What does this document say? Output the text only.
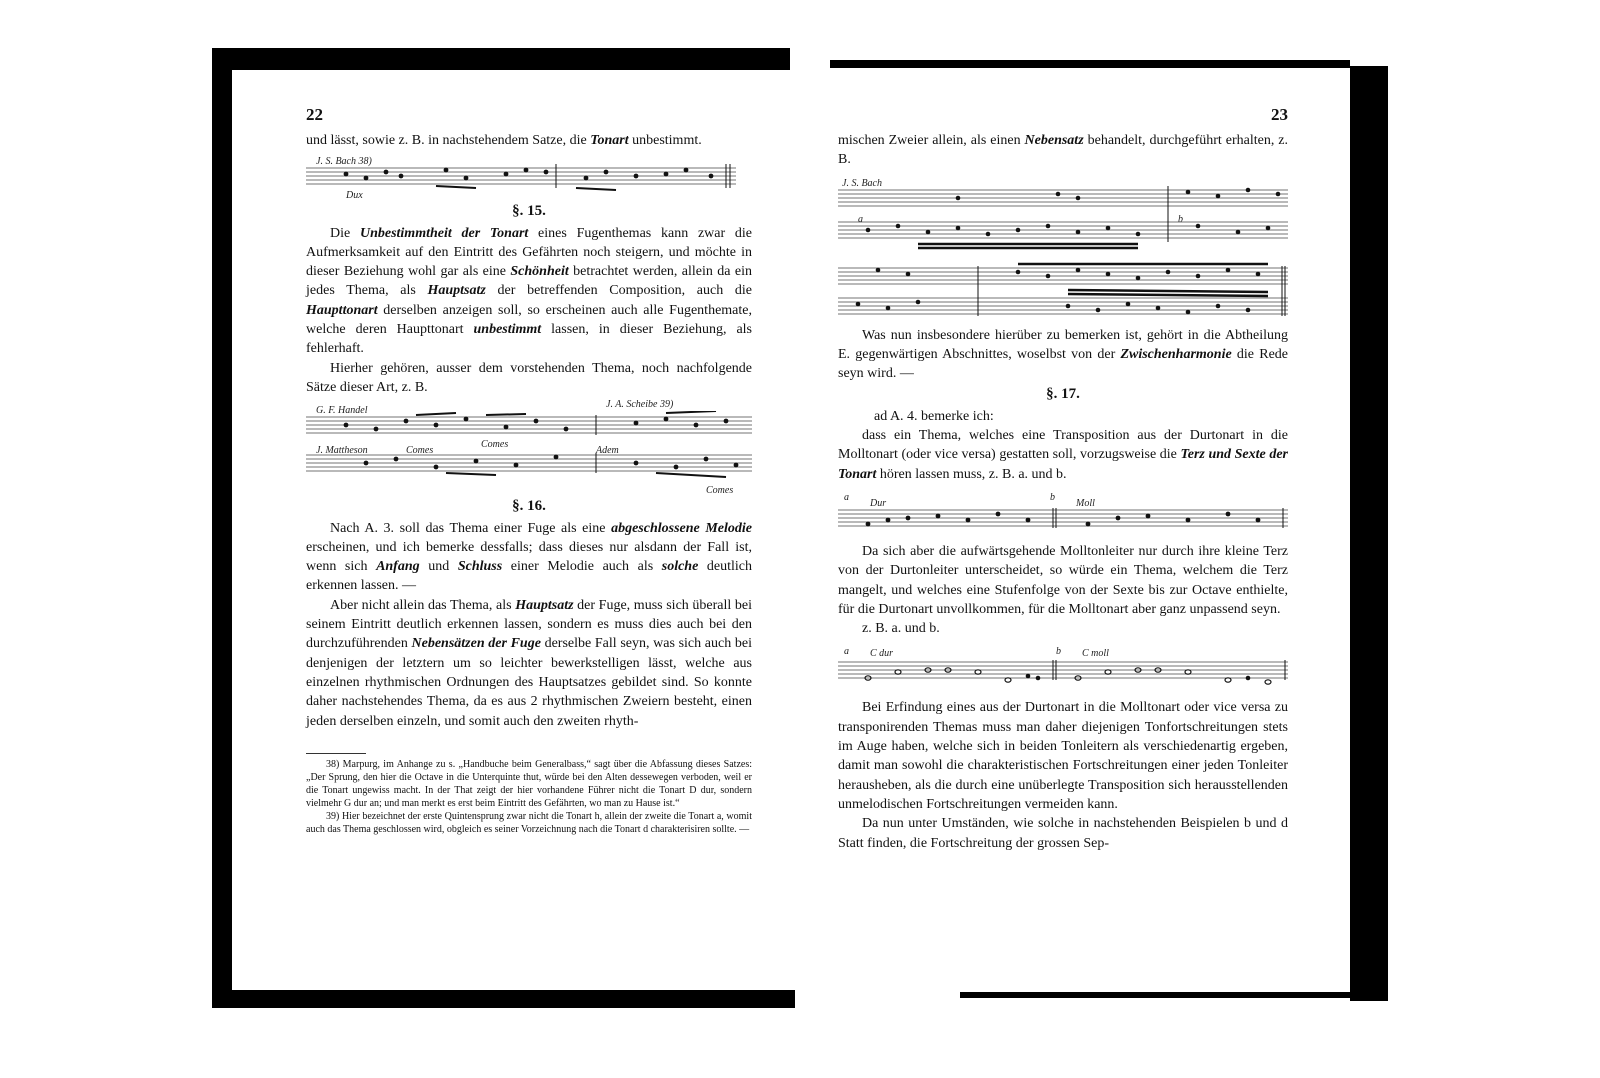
22

und lässt, sowie z. B. in nachstehendem Satze, die Tonart unbestimmt.

J. S. Bach 38)
Dux
§. 15.

Die Unbestimmtheit der Tonart eines Fugenthemas kann zwar die Aufmerksamkeit auf den Eintritt des Gefährten noch steigern, und möchte in dieser Beziehung wohl gar als eine Schönheit betrachtet werden, allein da ein jedes Thema, als Hauptsatz der betreffenden Composition, auch die Haupttonart derselben anzeigen soll, so erscheinen auch alle Fugenthemate, welche deren Haupttonart unbestimmt lassen, in dieser Beziehung, als fehlerhaft.

Hierher gehören, ausser dem vorstehenden Thema, noch nachfolgende Sätze dieser Art, z. B.

G. F. Handel
J. A. Scheibe 39)
J. Mattheson	Comes
Comes
Adem
Comes
§. 16.

Nach A. 3. soll das Thema einer Fuge als eine abgeschlossene Melodie erscheinen, und ich bemerke dessfalls; dass dieses nur alsdann der Fall ist, wenn sich Anfang und Schluss einer Melodie auch als solche deutlich erkennen lassen. —

Aber nicht allein das Thema, als Hauptsatz der Fuge, muss sich überall bei seinem Eintritt deutlich erkennen lassen, sondern es muss dies auch bei den durchzuführenden Nebensätzen der Fuge derselbe Fall seyn, was sich auch bei denjenigen der letztern um so leichter bewerkstelligen lässt, welche aus einzelnen rhythmischen Ordnungen des Hauptsatzes gebildet sind. So konnte daher nachstehendes Thema, da es aus 2 rhythmischen Zweiern besteht, einen jeden derselben einzeln, und somit auch den zweiten rhyth-

38) Marpurg, im Anhange zu s. „Handbuche beim Generalbass,“ sagt über die Abfassung dieses Satzes: „Der Sprung, den hier die Octave in die Unterquinte thut, würde bei den Alten dessewegen verboden, weil er die Tonart ungewiss macht. In der That zeigt der hier vorhandene Führer nicht die Tonart D dur, sondern vielmehr G dur an; und man merkt es erst beim Eintritt des Gefährten, wo man zu Hause ist.“

39) Hier bezeichnet der erste Quintensprung zwar nicht die Tonart h, allein der zweite die Tonart a, womit auch das Thema geschlossen wird, obgleich es seiner Vorzeichnung nach die Tonart d charakterisiren sollte. —

23

mischen Zweier allein, als einen Nebensatz behandelt, durchgeführt erhalten, z. B.

J. S. Bach
a	b

Was nun insbesondere hierüber zu bemerken ist, gehört in die Abtheilung E. gegenwärtigen Abschnittes, woselbst von der Zwischenharmonie die Rede seyn wird. —

§. 17.

ad A. 4. bemerke ich:

dass ein Thema, welches eine Transposition aus der Durtonart in die Molltonart (oder vice versa) gestatten soll, vorzugsweise die Terz und Sexte der Tonart hören lassen muss, z. B. a. und b.

a
Dur
b
Moll

Da sich aber die aufwärtsgehende Molltonleiter nur durch ihre kleine Terz von der Durtonleiter unterscheidet, so würde ein Thema, welchem die Terz mangelt, und welches eine Stufenfolge von der Sexte bis zur Octave enthielte, für die Durtonart unvollkommen, für die Molltonart aber ganz unpassend seyn.

z. B. a. und b.

a C dur	b C moll

Bei Erfindung eines aus der Durtonart in die Molltonart oder vice versa zu transponirenden Themas muss man daher diejenigen Tonfortschreitungen stets im Auge haben, welche sich in beiden Tonleitern als verschiedenartig ergeben, damit man sowohl die charakteristischen Fortschreitungen einer jeden Tonleiter herausheben, als die durch eine unüberlegte Transposition sich herausstellenden unmelodischen Fortschreitungen vermeiden kann.

Da nun unter Umständen, wie solche in nachstehenden Beispielen b und d Statt finden, die Fortschreitung der grossen Sep-
